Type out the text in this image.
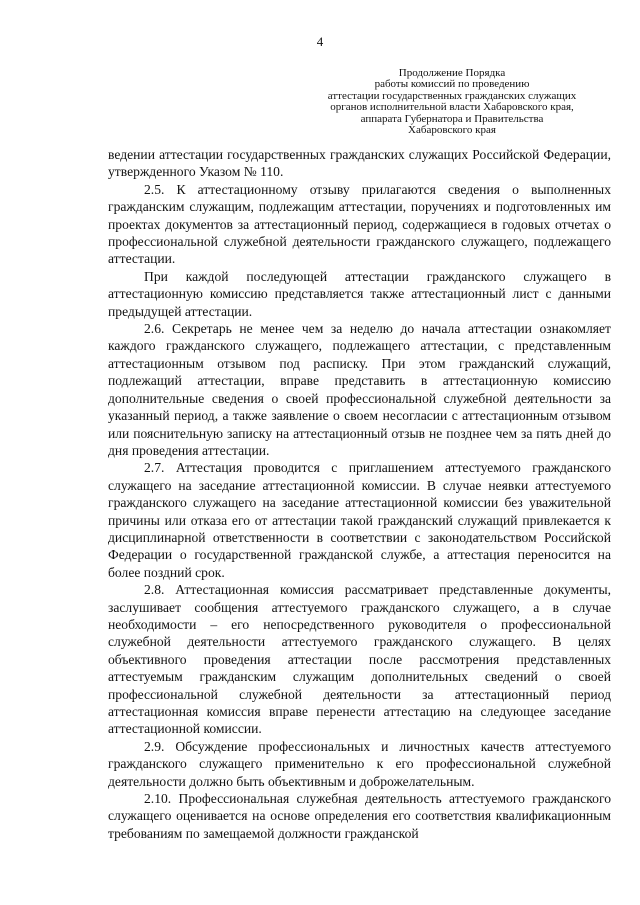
4
Продолжение Порядка
работы комиссий по проведению
аттестации государственных гражданских служащих
органов исполнительной власти Хабаровского края,
аппарата Губернатора и Правительства
Хабаровского края

ведении аттестации государственных гражданских служащих Российской Федерации, утвержденного Указом № 110.

2.5. К аттестационному отзыву прилагаются сведения о выполненных гражданским служащим, подлежащим аттестации, поручениях и подготовленных им проектах документов за аттестационный период, содержащиеся в годовых отчетах о профессиональной служебной деятельности гражданского служащего, подлежащего аттестации.

При каждой последующей аттестации гражданского служащего в аттестационную комиссию представляется также аттестационный лист с данными предыдущей аттестации.

2.6. Секретарь не менее чем за неделю до начала аттестации ознакомляет каждого гражданского служащего, подлежащего аттестации, с представленным аттестационным отзывом под расписку. При этом гражданский служащий, подлежащий аттестации, вправе представить в аттестационную комиссию дополнительные сведения о своей профессиональной служебной деятельности за указанный период, а также заявление о своем несогласии с аттестационным отзывом или пояснительную записку на аттестационный отзыв не позднее чем за пять дней до дня проведения аттестации.

2.7. Аттестация проводится с приглашением аттестуемого гражданского служащего на заседание аттестационной комиссии. В случае неявки аттестуемого гражданского служащего на заседание аттестационной комиссии без уважительной причины или отказа его от аттестации такой гражданский служащий привлекается к дисциплинарной ответственности в соответствии с законодательством Российской Федерации о государственной гражданской службе, а аттестация переносится на более поздний срок.

2.8. Аттестационная комиссия рассматривает представленные документы, заслушивает сообщения аттестуемого гражданского служащего, а в случае необходимости – его непосредственного руководителя о профессиональной служебной деятельности аттестуемого гражданского служащего. В целях объективного проведения аттестации после рассмотрения представленных аттестуемым гражданским служащим дополнительных сведений о своей профессиональной служебной деятельности за аттестационный период аттестационная комиссия вправе перенести аттестацию на следующее заседание аттестационной комиссии.

2.9. Обсуждение профессиональных и личностных качеств аттестуемого гражданского служащего применительно к его профессиональной служебной деятельности должно быть объективным и доброжелательным.

2.10. Профессиональная служебная деятельность аттестуемого гражданского служащего оценивается на основе определения его соответствия квалификационным требованиям по замещаемой должности гражданской
